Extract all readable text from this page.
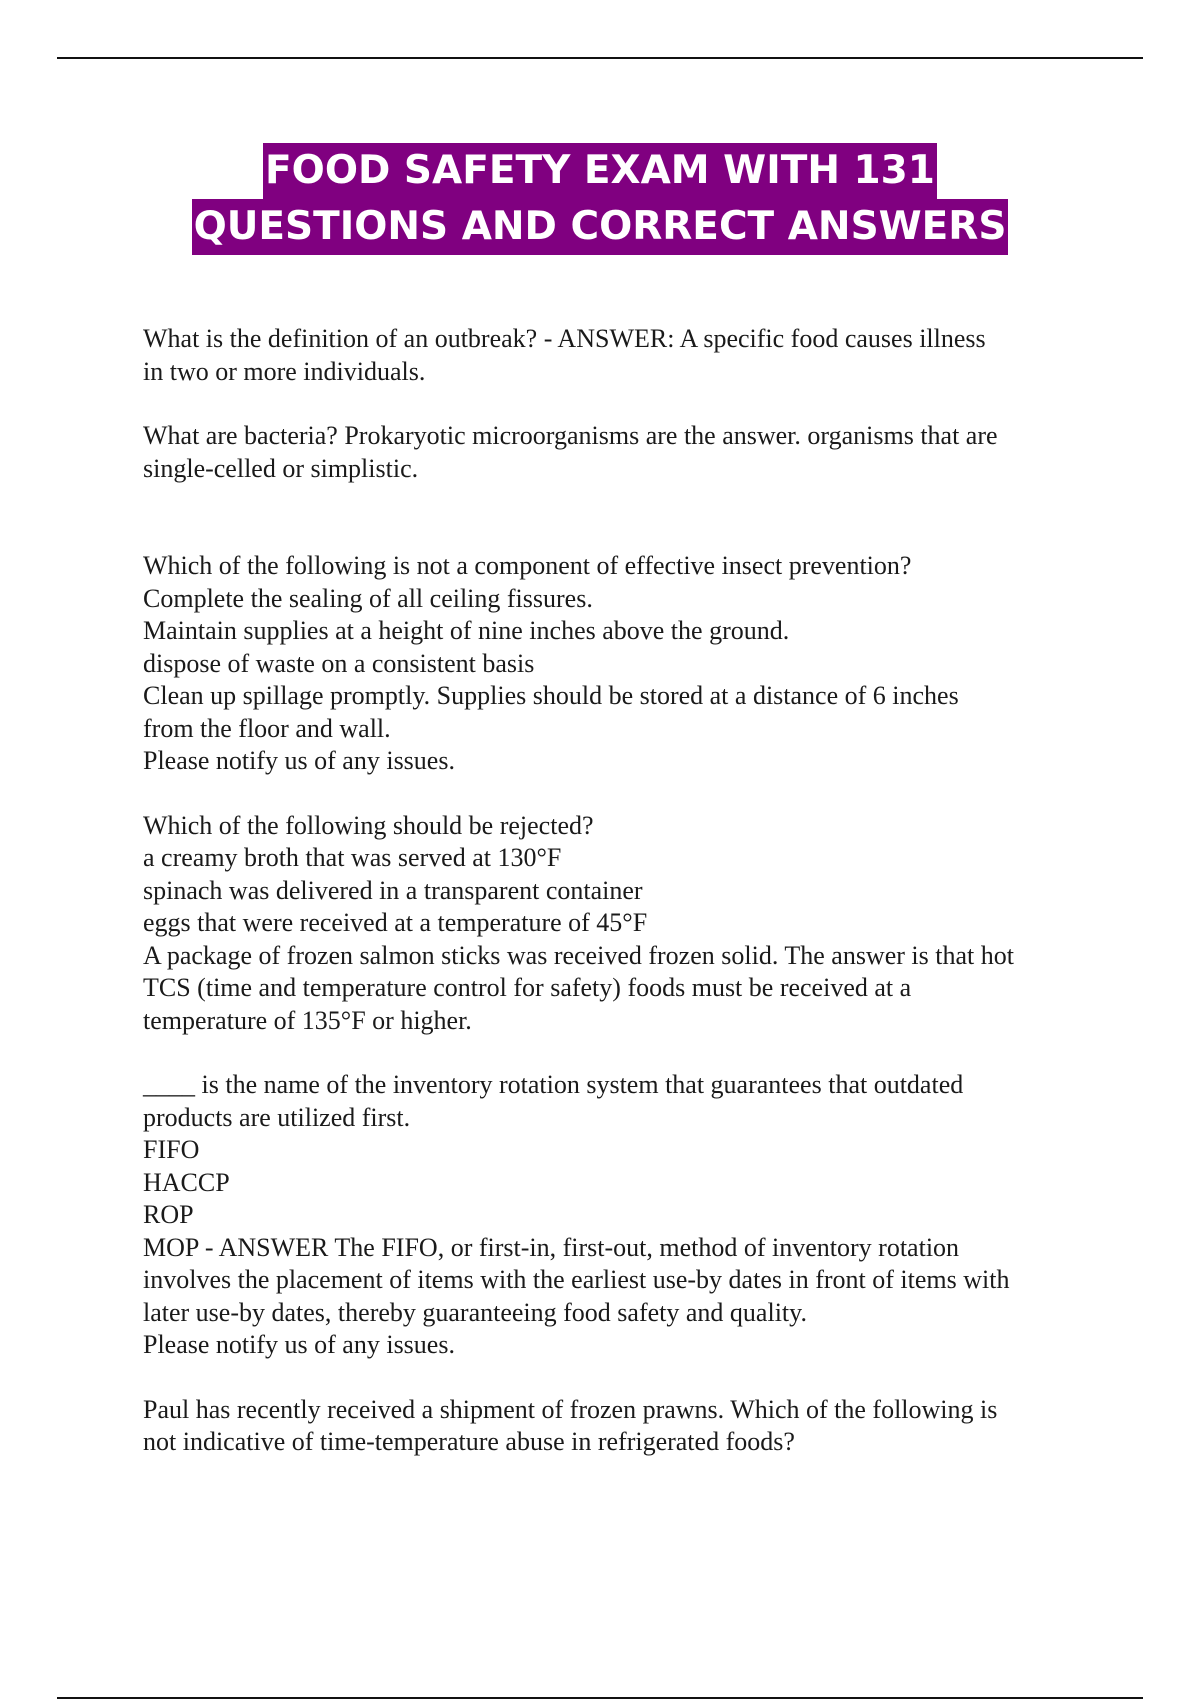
FOOD SAFETY EXAM WITH 131
QUESTIONS AND CORRECT ANSWERS
What is the definition of an outbreak? - ANSWER: A specific food causes illness
in two or more individuals.
What are bacteria? Prokaryotic microorganisms are the answer. organisms that are
single-celled or simplistic.
Which of the following is not a component of effective insect prevention?
Complete the sealing of all ceiling fissures.
Maintain supplies at a height of nine inches above the ground.
dispose of waste on a consistent basis
Clean up spillage promptly. Supplies should be stored at a distance of 6 inches
from the floor and wall.
Please notify us of any issues.
Which of the following should be rejected?
a creamy broth that was served at 130°F
spinach was delivered in a transparent container
eggs that were received at a temperature of 45°F
A package of frozen salmon sticks was received frozen solid. The answer is that hot
TCS (time and temperature control for safety) foods must be received at a
temperature of 135°F or higher.
____ is the name of the inventory rotation system that guarantees that outdated
products are utilized first.
FIFO
HACCP
ROP
MOP - ANSWER The FIFO, or first-in, first-out, method of inventory rotation
involves the placement of items with the earliest use-by dates in front of items with
later use-by dates, thereby guaranteeing food safety and quality.
Please notify us of any issues.
Paul has recently received a shipment of frozen prawns. Which of the following is
not indicative of time-temperature abuse in refrigerated foods?
